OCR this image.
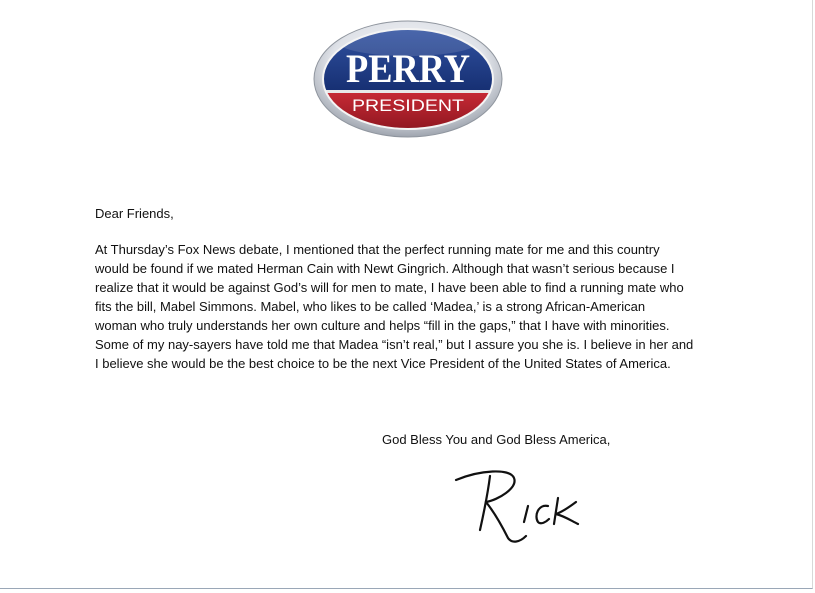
PERRY
PRESIDENT

Dear Friends,

At Thursday’s Fox News debate, I mentioned that the perfect running mate for me and this country
would be found if we mated Herman Cain with Newt Gingrich. Although that wasn’t serious because I
realize that it would be against God’s will for men to mate, I have been able to find a running mate who
fits the bill, Mabel Simmons. Mabel, who likes to be called ‘Madea,’ is a strong African-American
woman who truly understands her own culture and helps “fill in the gaps,” that I have with minorities.
Some of my nay-sayers have told me that Madea “isn’t real,” but I assure you she is. I believe in her and
I believe she would be the best choice to be the next Vice President of the United States of America.

God Bless You and God Bless America,
